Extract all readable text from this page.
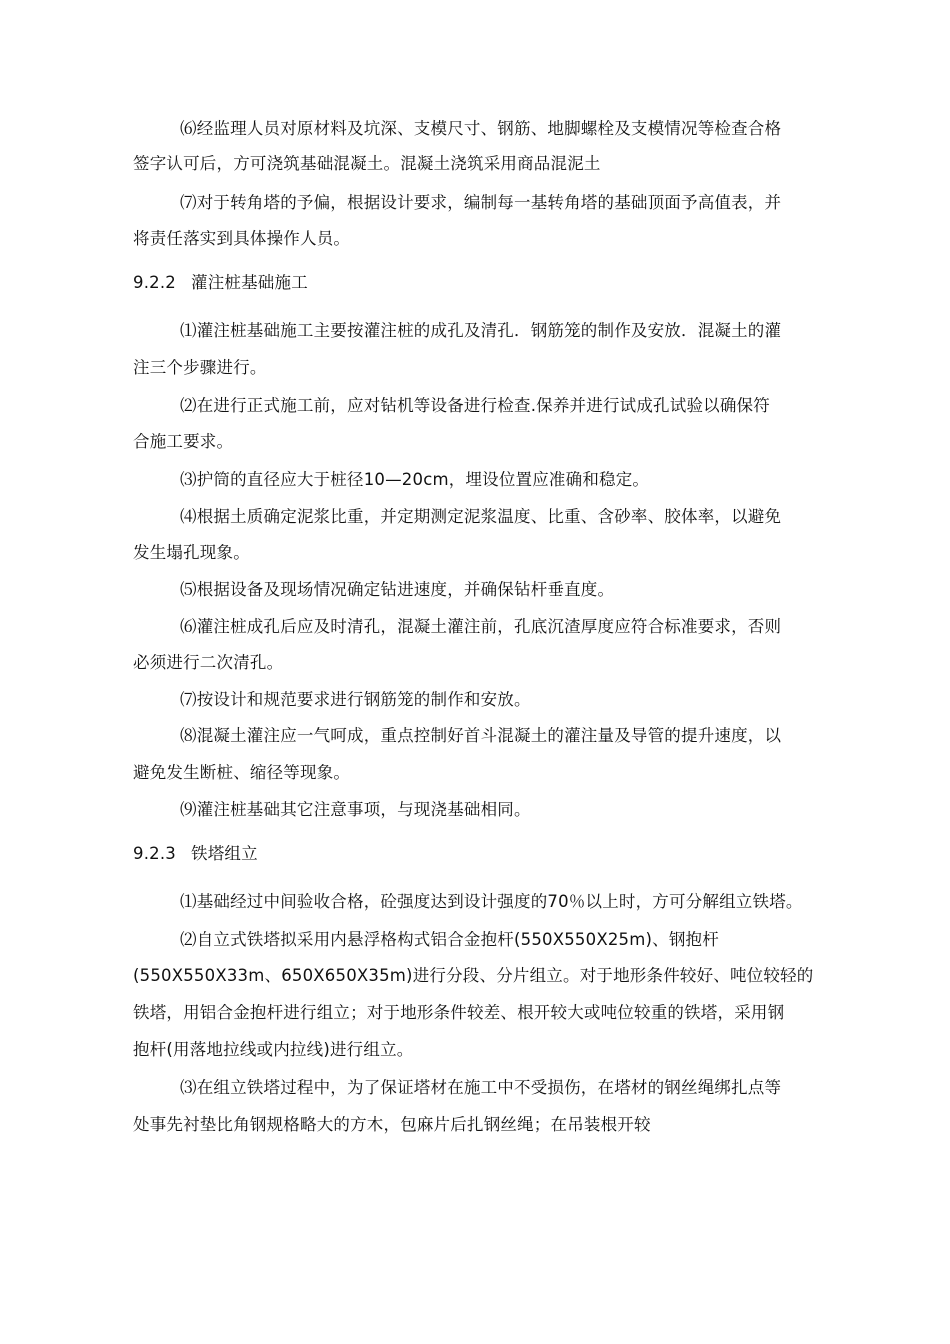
⑹经监理人员对原材料及坑深、支模尺寸、钢筋、地脚螺栓及支模情况等检查合格
签字认可后，方可浇筑基础混凝土。混凝土浇筑采用商品混泥土
⑺对于转角塔的予偏，根据设计要求，编制每一基转角塔的基础顶面予高值表，并
将责任落实到具体操作人员。
9.2.2 灌注桩基础施工
⑴灌注桩基础施工主要按灌注桩的成孔及清孔．钢筋笼的制作及安放．混凝土的灌
注三个步骤进行。
⑵在进行正式施工前，应对钻机等设备进行检查.保养并进行试成孔试验以确保符
合施工要求。
⑶护筒的直径应大于桩径10—20cm，埋设位置应准确和稳定。
⑷根据土质确定泥浆比重，并定期测定泥浆温度、比重、含砂率、胶体率，以避免
发生塌孔现象。
⑸根据设备及现场情况确定钻进速度，并确保钻杆垂直度。
⑹灌注桩成孔后应及时清孔，混凝土灌注前，孔底沉渣厚度应符合标准要求，否则
必须进行二次清孔。
⑺按设计和规范要求进行钢筋笼的制作和安放。
⑻混凝土灌注应一气呵成，重点控制好首斗混凝土的灌注量及导管的提升速度，以
避免发生断桩、缩径等现象。
⑼灌注桩基础其它注意事项，与现浇基础相同。
9.2.3 铁塔组立
⑴基础经过中间验收合格，砼强度达到设计强度的70％以上时，方可分解组立铁塔。
⑵自立式铁塔拟采用内悬浮格构式铝合金抱杆(550X550X25m)、钢抱杆
(550X550X33m、650X650X35m)进行分段、分片组立。对于地形条件较好、吨位较轻的
铁塔，用铝合金抱杆进行组立；对于地形条件较差、根开较大或吨位较重的铁塔，采用钢
抱杆(用落地拉线或内拉线)进行组立。
⑶在组立铁塔过程中，为了保证塔材在施工中不受损伤，在塔材的钢丝绳绑扎点等
处事先衬垫比角钢规格略大的方木，包麻片后扎钢丝绳；在吊装根开较
